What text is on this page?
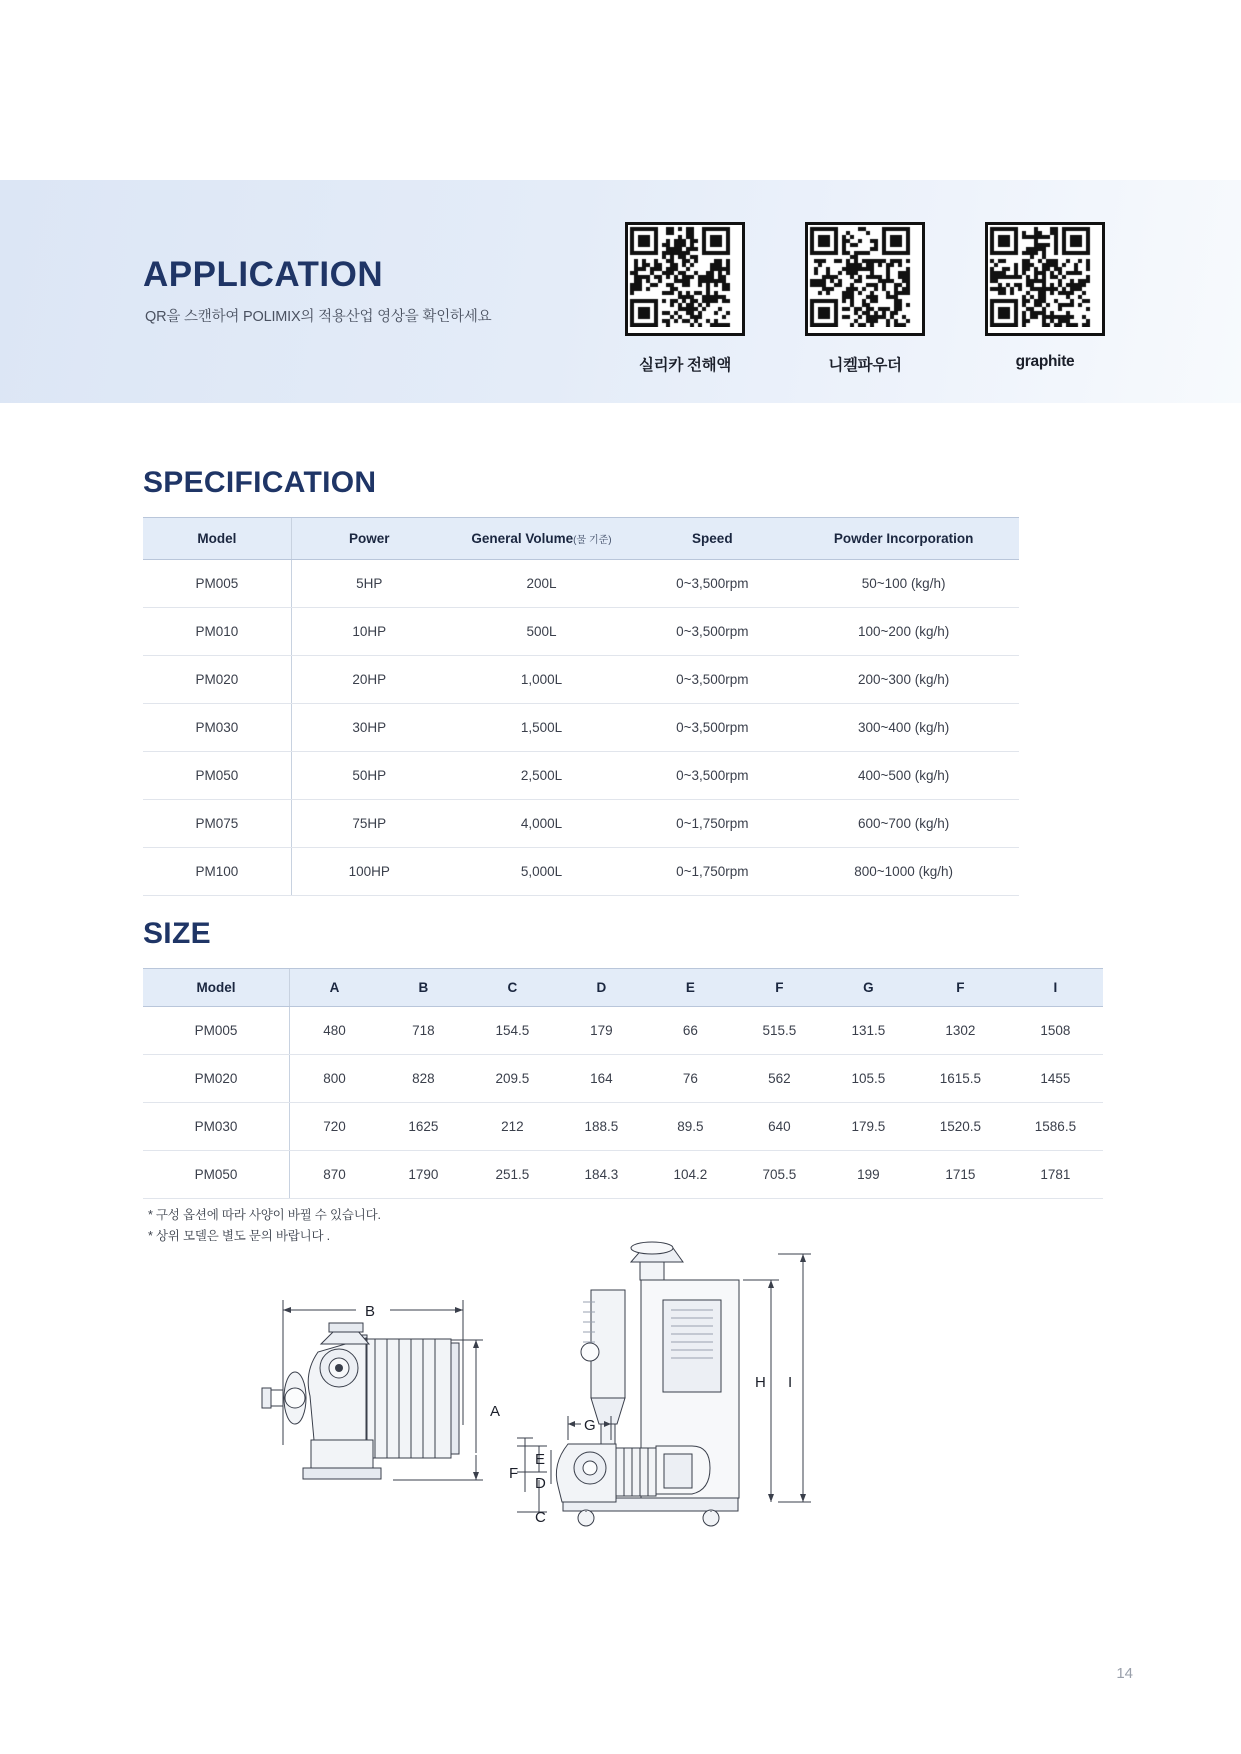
APPLICATION
QR을 스캔하여 POLIMIX의 적용산업 영상을 확인하세요
실리카 전해액	니켈파우더	graphite
SPECIFICATION
Model	Power	General Volume(물 기준)	Speed	Powder Incorporation
PM005	5HP	200L	0~3,500rpm	50~100 (kg/h)
PM010	10HP	500L	0~3,500rpm	100~200 (kg/h)
PM020	20HP	1,000L	0~3,500rpm	200~300 (kg/h)
PM030	30HP	1,500L	0~3,500rpm	300~400 (kg/h)
PM050	50HP	2,500L	0~3,500rpm	400~500 (kg/h)
PM075	75HP	4,000L	0~1,750rpm	600~700 (kg/h)
PM100	100HP	5,000L	0~1,750rpm	800~1000 (kg/h)
SIZE
Model	A	B	C	D	E	F	G	F	I
PM005	480	718	154.5	179	66	515.5	131.5	1302	1508
PM020	800	828	209.5	164	76	562	105.5	1615.5	1455
PM030	720	1625	212	188.5	89.5	640	179.5	1520.5	1586.5
PM050	870	1790	251.5	184.3	104.2	705.5	199	1715	1781
* 구성 옵션에 따라 사양이 바뀔 수 있습니다.
* 상위 모델은 별도 문의 바랍니다 .
B
A
G
E
F
D
C
H I
14
